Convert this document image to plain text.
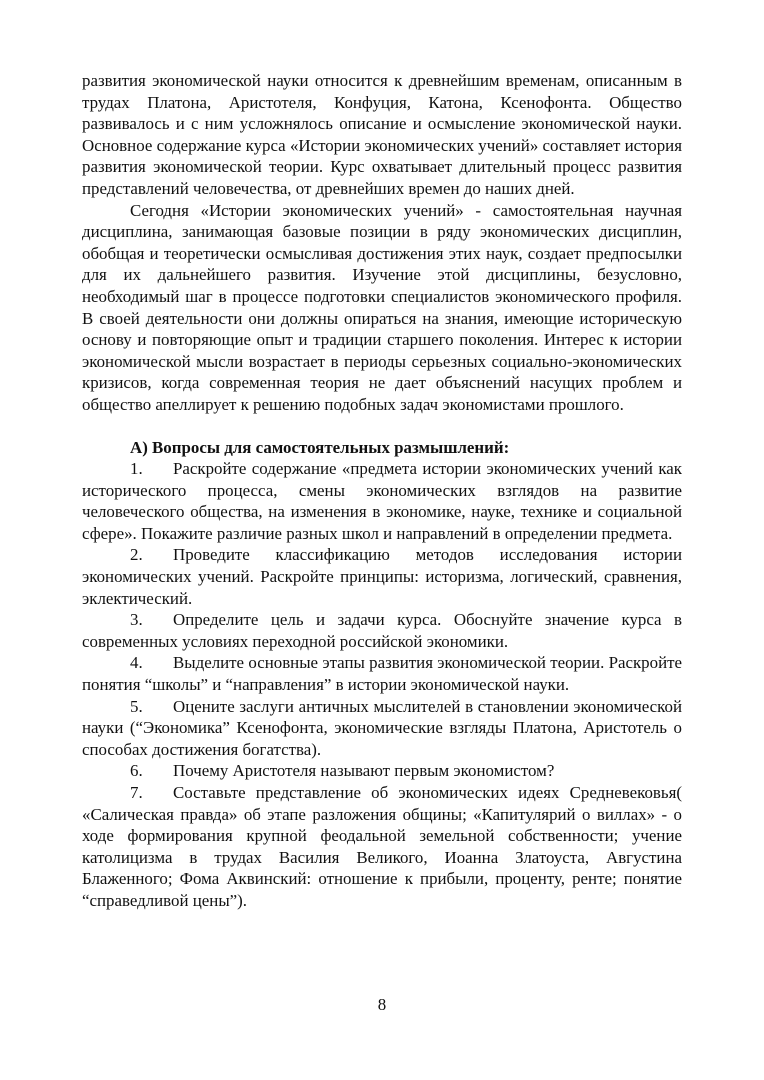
развития экономической науки относится к древнейшим временам, описанным в трудах Платона, Аристотеля, Конфуция, Катона, Ксенофонта. Общество развивалось и с ним усложнялось описание и осмысление экономической науки. Основное содержание курса «Истории экономических учений» составляет история развития экономической теории. Курс охватывает длительный процесс развития представлений человечества, от древнейших времен до наших дней.

Сегодня «Истории экономических учений» - самостоятельная научная дисциплина, занимающая базовые позиции в ряду экономических дисциплин, обобщая и теоретически осмысливая достижения этих наук, создает предпосылки для их дальнейшего развития. Изучение этой дисциплины, безусловно, необходимый шаг в процессе подготовки специалистов экономического профиля. В своей деятельности они должны опираться на знания, имеющие историческую основу и повторяющие опыт и традиции старшего поколения. Интерес к истории экономической мысли возрастает в периоды серьезных социально-экономических кризисов, когда современная теория не дает объяснений насущих проблем и общество апеллирует к решению подобных задач экономистами прошлого.

А) Вопросы для самостоятельных размышлений:

1. Раскройте содержание «предмета истории экономических учений как исторического процесса, смены экономических взглядов на развитие человеческого общества, на изменения в экономике, науке, технике и социальной сфере». Покажите различие разных школ и направлений в определении предмета.

2. Проведите классификацию методов исследования истории экономических учений. Раскройте принципы: историзма, логический, сравнения, эклектический.

3. Определите цель и задачи курса. Обоснуйте значение курса в современных условиях переходной российской экономики.

4. Выделите основные этапы развития экономической теории. Раскройте понятия “школы” и “направления” в истории экономической науки.

5. Оцените заслуги античных мыслителей в становлении экономической науки (“Экономика” Ксенофонта, экономические взгляды Платона, Аристотель о способах достижения богатства).

6. Почему Аристотеля называют первым экономистом?

7. Составьте представление об экономических идеях Средневековья( «Салическая правда» об этапе разложения общины; «Капитулярий о виллах» - о ходе формирования крупной феодальной земельной собственности; учение католицизма в трудах Василия Великого, Иоанна Златоуста, Августина Блаженного; Фома Аквинский: отношение к прибыли, проценту, ренте; понятие “справедливой цены”).

8
